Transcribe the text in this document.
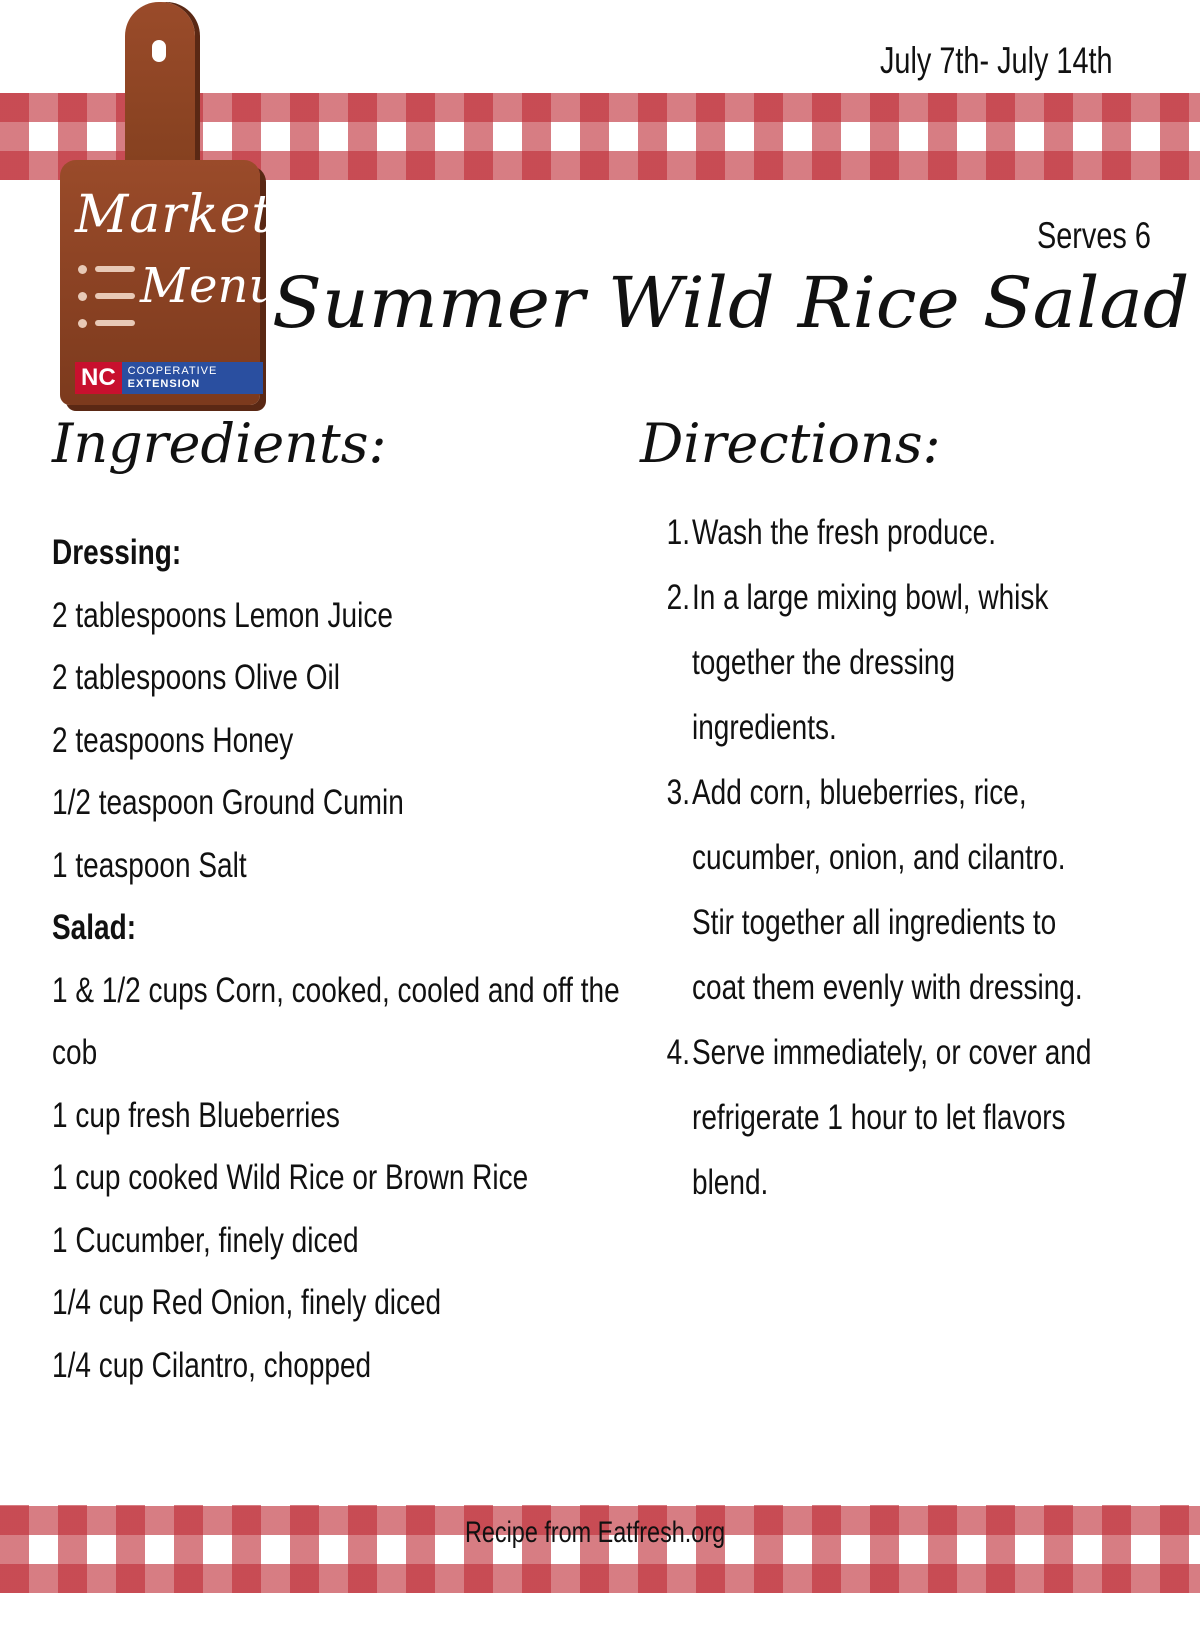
Market
Menu
NC	COOPERATIVE
EXTENSION
July 7th- July 14th
Serves 6
Summer Wild Rice Salad
Ingredients:	Directions:
Dressing:
2 tablespoons Lemon Juice
2 tablespoons Olive Oil
2 teaspoons Honey
1/2 teaspoon Ground Cumin
1 teaspoon Salt
Salad:
1 & 1/2 cups Corn, cooked, cooled and off the
cob
1 cup fresh Blueberries
1 cup cooked Wild Rice or Brown Rice
1 Cucumber, finely diced
1/4 cup Red Onion, finely diced
1/4 cup Cilantro, chopped
1. Wash the fresh produce.
2. In a large mixing bowl, whisk
together the dressing
ingredients.
3. Add corn, blueberries, rice,
cucumber, onion, and cilantro.
Stir together all ingredients to
coat them evenly with dressing.
4. Serve immediately, or cover and
refrigerate 1 hour to let flavors
blend.
Recipe from Eatfresh.org
